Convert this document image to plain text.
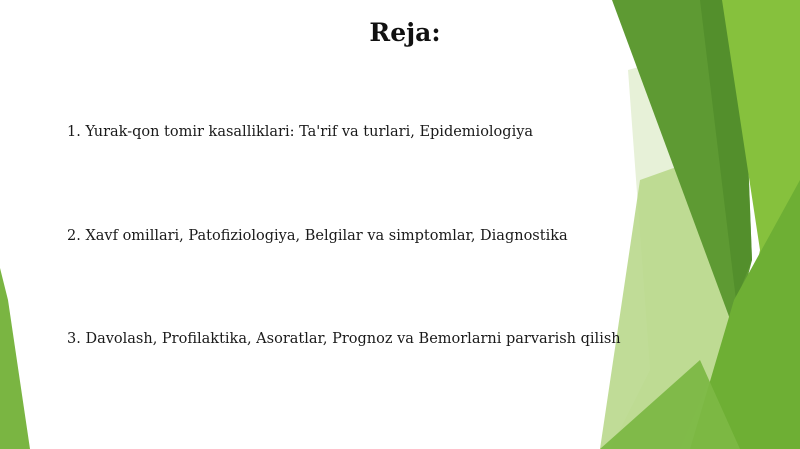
Reja:
1. Yurak-qon tomir kasalliklari: Ta'rif va turlari, Epidemiologiya
2. Xavf omillari, Patofiziologiya, Belgilar va simptomlar, Diagnostika
3. Davolash, Profilaktika, Asoratlar, Prognoz va Bemorlarni parvarish qilish
